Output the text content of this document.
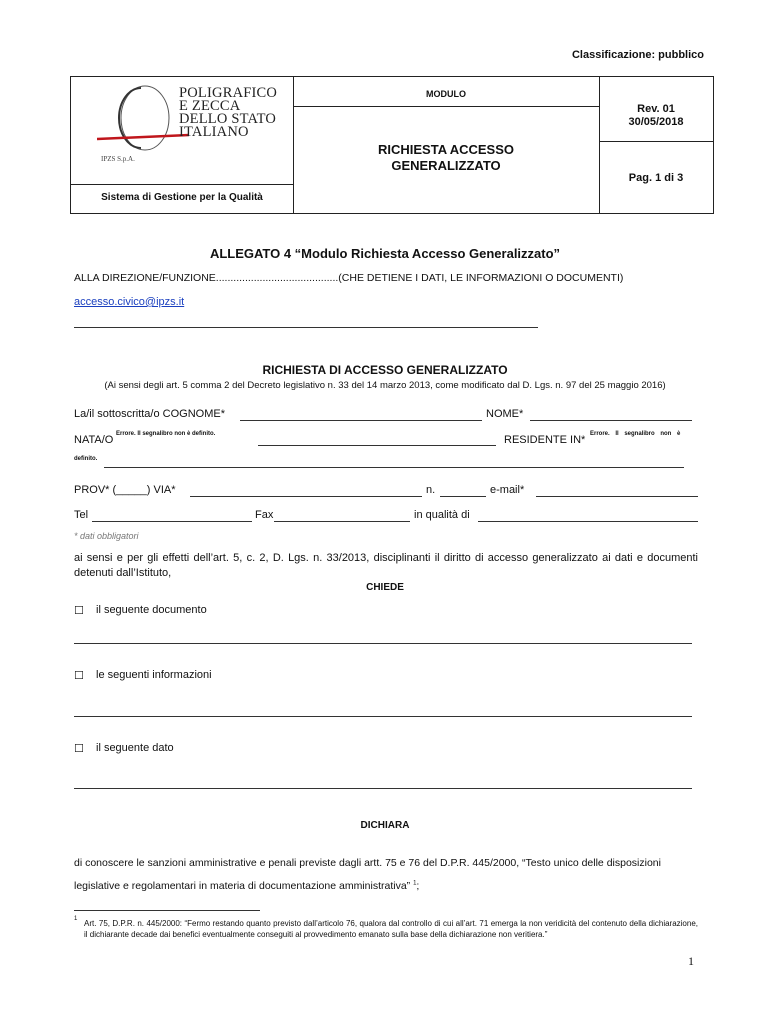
Classificazione: pubblico
POLIGRAFICO
E ZECCA
DELLO STATO
ITALIANO
IPZS S.p.A.
Sistema di Gestione per la Qualità
MODULO
RICHIESTA ACCESSO
GENERALIZZATO
Rev. 01
30/05/2018
Pag. 1 di 3
ALLEGATO 4 “Modulo Richiesta Accesso Generalizzato”
ALLA DIREZIONE/FUNZIONE..........................................(CHE DETIENE I DATI, LE INFORMAZIONI O DOCUMENTI)
accesso.civico@ipzs.it
RICHIESTA DI ACCESSO GENERALIZZATO
(Ai sensi degli art. 5 comma 2 del Decreto legislativo n. 33 del 14 marzo 2013, come modificato dal D. Lgs. n. 97 del 25 maggio 2016)
La/il sottoscritta/o COGNOME*	NOME*
NATA/O Errore. Il segnalibro non è definito.	RESIDENTE IN* Errore. Il segnalibro non è
definito.
PROV* (_____) VIA*	n.	e-mail*
Tel	Fax	in qualità di
* dati obbligatori
ai sensi e per gli effetti dell’art. 5, c. 2, D. Lgs. n. 33/2013, disciplinanti il diritto di accesso generalizzato ai dati e documenti detenuti dall’Istituto,
CHIEDE
☐ il seguente documento
☐ le seguenti informazioni
☐ il seguente dato
DICHIARA
di conoscere le sanzioni amministrative e penali previste dagli artt. 75 e 76 del D.P.R. 445/2000, “Testo unico delle disposizioni
legislative e regolamentari in materia di documentazione amministrativa” $^1$;
1 Art. 75, D.P.R. n. 445/2000: “Fermo restando quanto previsto dall’articolo 76, qualora dal controllo di cui all’art. 71 emerga la non veridicità del contenuto della dichiarazione, il dichiarante decade dai benefici eventualmente conseguiti al provvedimento emanato sulla base della dichiarazione non veritiera.”
1
